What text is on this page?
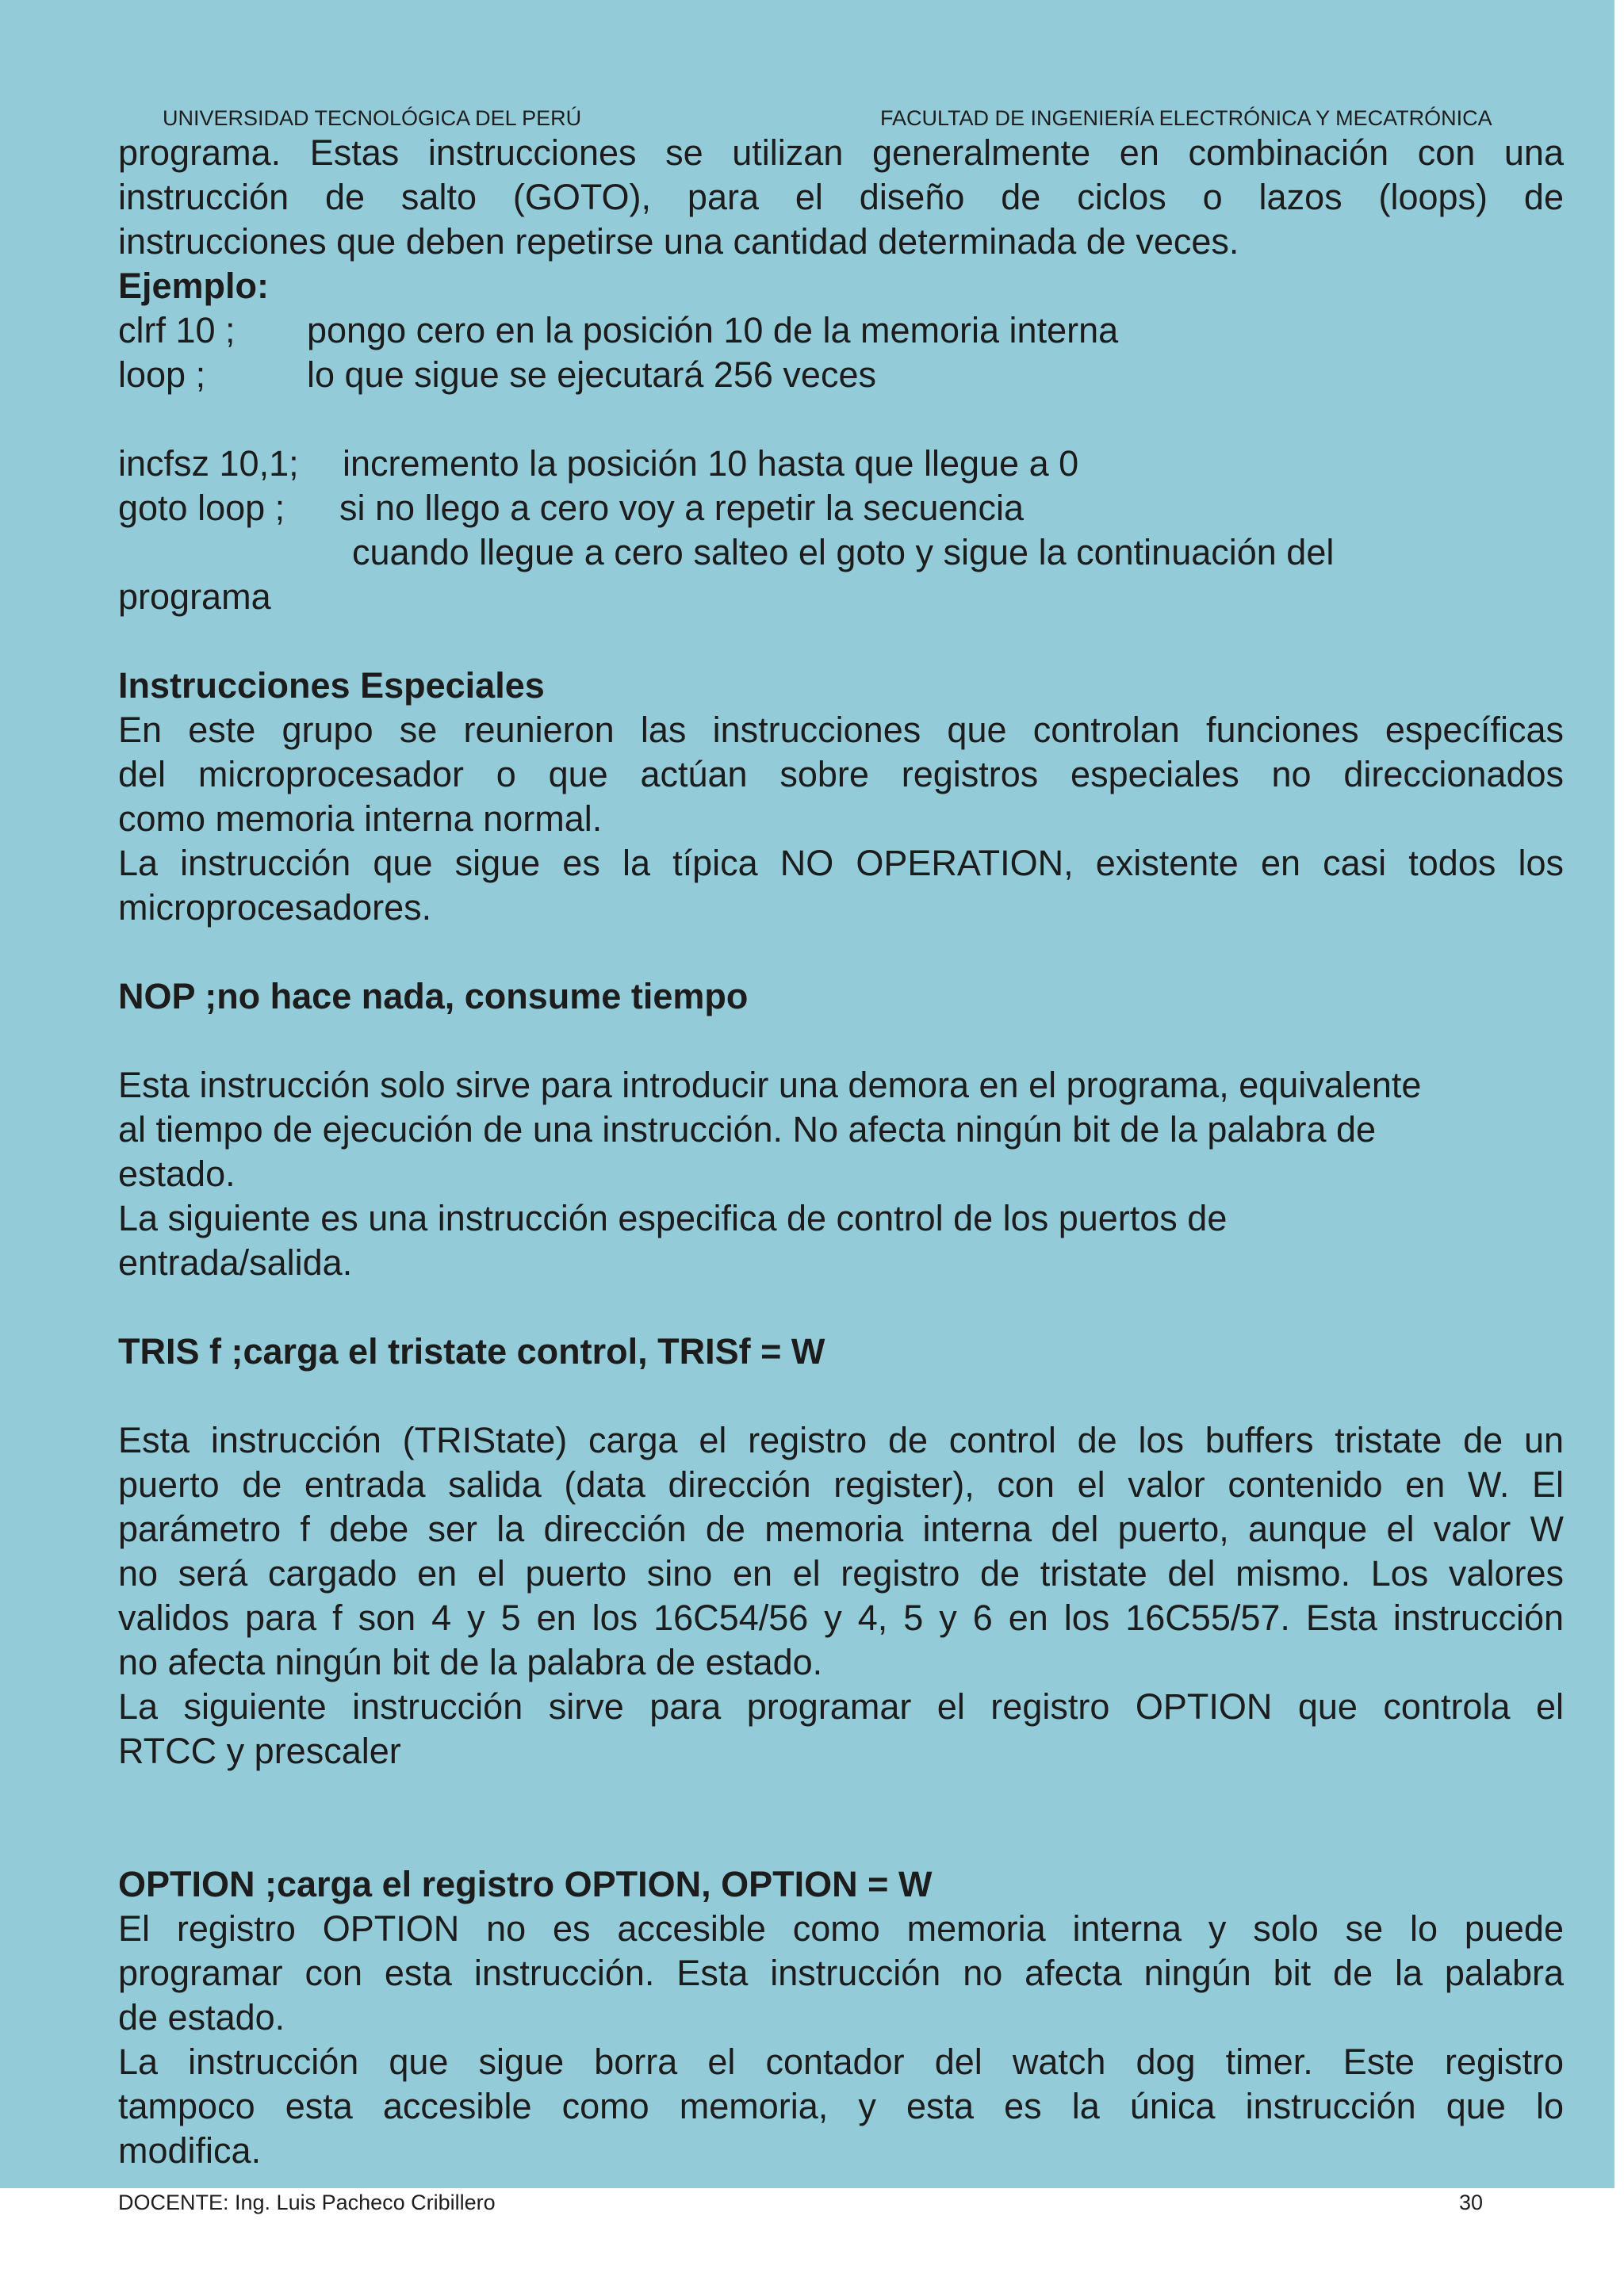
UNIVERSIDAD TECNOLÓGICA DEL PERÚ	FACULTAD DE INGENIERÍA ELECTRÓNICA Y MECATRÓNICA

programa. Estas instrucciones se utilizan generalmente en combinación con una

instrucción de salto (GOTO), para el diseño de ciclos o lazos (loops) de

instrucciones que deben repetirse una cantidad determinada de veces.

Ejemplo:

clrf 10 ; pongo cero en la posición 10 de la memoria interna

loop ;	lo que sigue se ejecutará 256 veces

incfsz 10,1; incremento la posición 10 hasta que llegue a 0

goto loop ; si no llego a cero voy a repetir la secuencia

cuando llegue a cero salteo el goto y sigue la continuación del

programa

Instrucciones Especiales

En este grupo se reunieron las instrucciones que controlan funciones específicas

del microprocesador o que actúan sobre registros especiales no direccionados

como memoria interna normal.

La instrucción que sigue es la típica NO OPERATION, existente en casi todos los

microprocesadores.

NOP ;no hace nada, consume tiempo

Esta instrucción solo sirve para introducir una demora en el programa, equivalente

al tiempo de ejecución de una instrucción. No afecta ningún bit de la palabra de

estado.

La siguiente es una instrucción especifica de control de los puertos de

entrada/salida.

TRIS f ;carga el tristate control, TRISf = W

Esta instrucción (TRIState) carga el registro de control de los buffers tristate de un

puerto de entrada salida (data dirección register), con el valor contenido en W. El

parámetro f debe ser la dirección de memoria interna del puerto, aunque el valor W

no será cargado en el puerto sino en el registro de tristate del mismo. Los valores

validos para f son 4 y 5 en los 16C54/56 y 4, 5 y 6 en los 16C55/57. Esta instrucción

no afecta ningún bit de la palabra de estado.

La siguiente instrucción sirve para programar el registro OPTION que controla el

RTCC y prescaler

OPTION ;carga el registro OPTION, OPTION = W

El registro OPTION no es accesible como memoria interna y solo se lo puede

programar con esta instrucción. Esta instrucción no afecta ningún bit de la palabra

de estado.

La instrucción que sigue borra el contador del watch dog timer. Este registro

tampoco esta accesible como memoria, y esta es la única instrucción que lo

modifica.

DOCENTE: Ing. Luis Pacheco Cribillero	30
